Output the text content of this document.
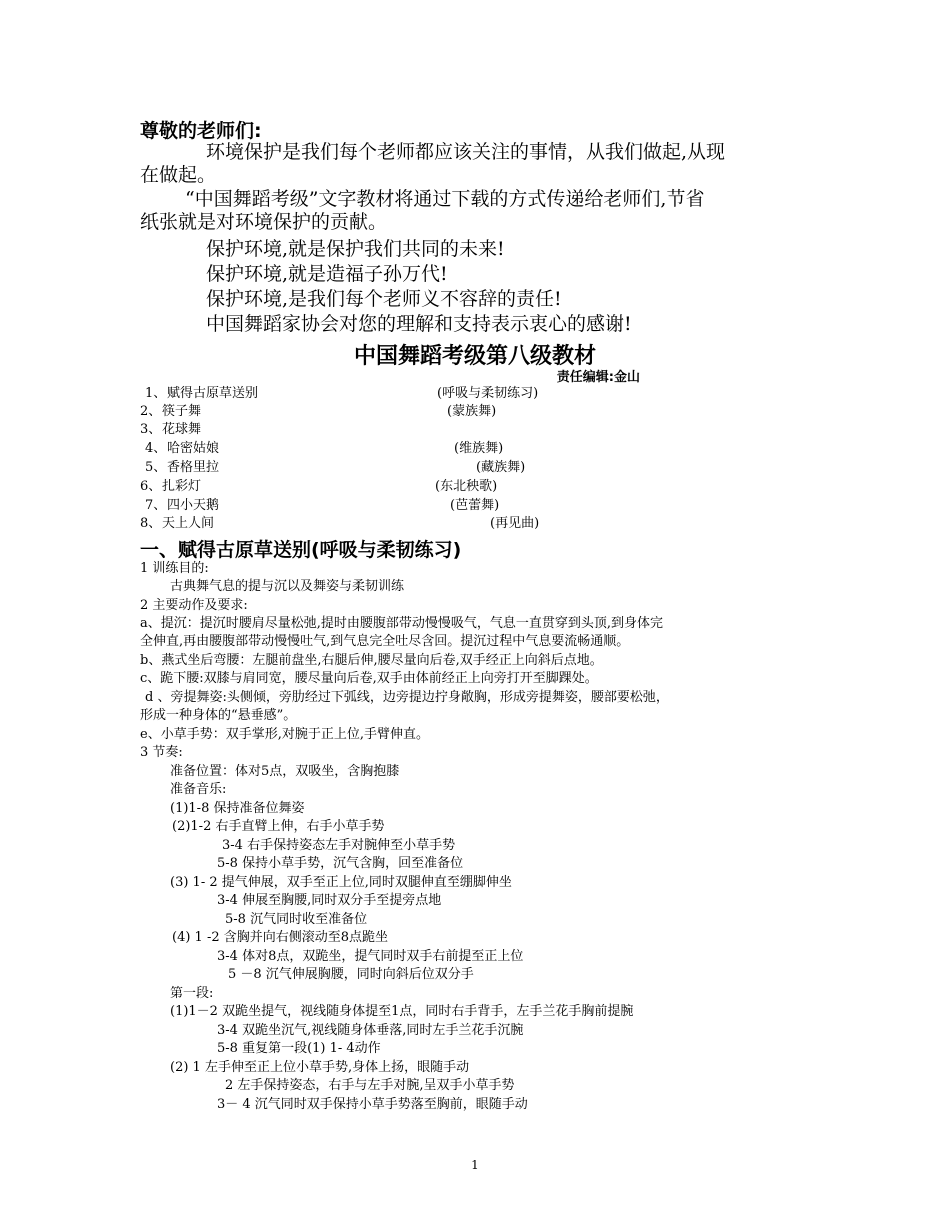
尊敬的老师们:
环境保护是我们每个老师都应该关注的事情，从我们做起,从现
在做起。
“中国舞蹈考级”文字教材将通过下载的方式传递给老师们,节省
纸张就是对环境保护的贡献。
保护环境,就是保护我们共同的未来!
保护环境,就是造福子孙万代!
保护环境,是我们每个老师义不容辞的责任!
中国舞蹈家协会对您的理解和支持表示衷心的感谢!
中国舞蹈考级第八级教材
责任编辑:金山
1、 赋得古原草送别	(呼吸与柔韧练习)
2、 筷子舞	(蒙族舞)
3、 花球舞
4、 哈密姑娘	(维族舞)
5、 香格里拉	(藏族舞)
6、 扎彩灯	(东北秧歌)
7、 四小天鹅	(芭蕾舞)
8、 天上人间	(再见曲)
一、赋得古原草送别(呼吸与柔韧练习)
1 训练目的:
古典舞气息的提与沉以及舞姿与柔韧训练
2 主要动作及要求:
a、提沉：提沉时腰肩尽量松弛,提时由腰腹部带动慢慢吸气，气息一直贯穿到头顶,到身体完
全伸直,再由腰腹部带动慢慢吐气,到气息完全吐尽含回。提沉过程中气息要流畅通顺。
b、燕式坐后弯腰：左腿前盘坐,右腿后伸,腰尽量向后卷,双手经正上向斜后点地。
c、跪下腰:双膝与肩同宽，腰尽量向后卷,双手由体前经正上向旁打开至脚踝处。
d 、旁提舞姿:头侧倾，旁肋经过下弧线，边旁提边拧身敞胸，形成旁提舞姿，腰部要松弛，
形成一种身体的“悬垂感”。
e、小草手势：双手掌形,对腕于正上位,手臂伸直。
3 节奏:
准备位置：体对5点，双吸坐，含胸抱膝
准备音乐:
(1)1-8 保持准备位舞姿
(2)1-2 右手直臂上伸，右手小草手势
3-4 右手保持姿态左手对腕伸至小草手势
5-8 保持小草手势，沉气含胸，回至准备位
(3) 1- 2 提气伸展，双手至正上位,同时双腿伸直至绷脚伸坐
3-4 伸展至胸腰,同时双分手至提旁点地
5-8 沉气同时收至准备位
(4) 1 -2 含胸并向右侧滚动至8点跪坐
3-4 体对8点，双跪坐，提气同时双手右前提至正上位
5 －8 沉气伸展胸腰，同时向斜后位双分手
第一段:
(1)1－2 双跪坐提气，视线随身体提至1点，同时右手背手，左手兰花手胸前提腕
3-4 双跪坐沉气,视线随身体垂落,同时左手兰花手沉腕
5-8 重复第一段(1) 1- 4动作
(2) 1 左手伸至正上位小草手势,身体上扬，眼随手动
2 左手保持姿态，右手与左手对腕,呈双手小草手势
3－ 4 沉气同时双手保持小草手势落至胸前，眼随手动
1
